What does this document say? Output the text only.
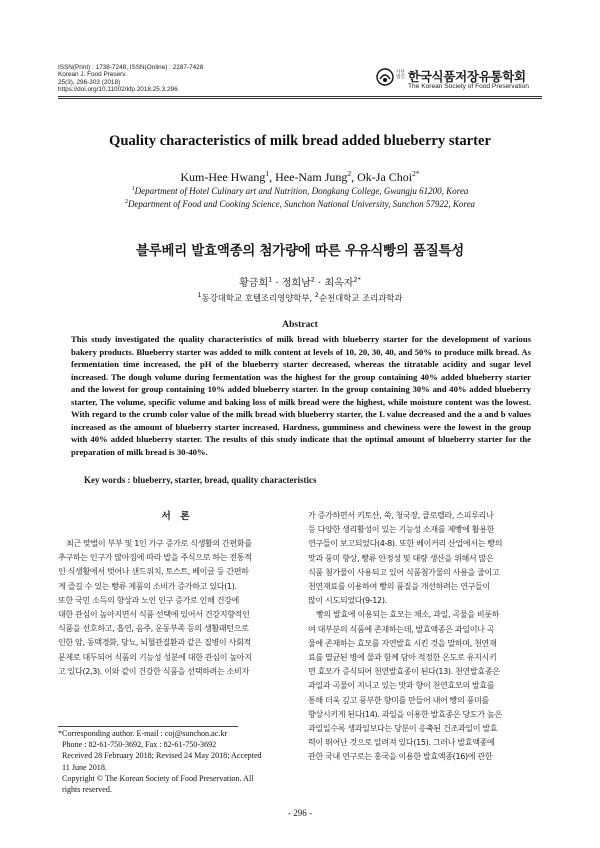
ISSN(Print) : 1738-7248, ISSN(Online) : 2287-7428
Korean J. Food Preserv.
25(3), 296-303 (2018)
https://doi.org/10.11002/kfp.2018.25.3.296
사단법인 한국식품저장유통학회
The Korean Society of Food Preservation
Quality characteristics of milk bread added blueberry starter
Kum-Hee Hwang$^1$, Hee-Nam Jung$^2$, Ok-Ja Choi$^{2*}$
$^1$Department of Hotel Culinary art and Nutrition, Dongkang College, Gwangju 61200, Korea
$^2$Department of Food and Cooking Science, Sunchon National University, Sunchon 57922, Korea
블루베리 발효액종의 첨가량에 따른 우유식빵의 품질특성
황금희$^1$ · 정희남$^2$ · 최옥자$^{2*}$
$^1$동강대학교 호텔조리영양학부, $^2$순천대학교 조리과학과
Abstract
This study investigated the quality characteristics of milk bread with blueberry starter for the development of various bakery products. Blueberry starter was added to milk content at levels of 10, 20, 30, 40, and 50% to produce milk bread. As fermentation time increased, the pH of the blueberry starter decreased, whereas the titratable acidity and sugar level increased. The dough volume during fermentation was the highest for the group containing 40% added blueberry starter and the lowest for group containing 10% added blueberry starter. In the group containing 30% and 40% added blueberry starter, The volume, specific volume and baking loss of milk bread were the highest, while moisture content was the lowest. With regard to the crumb color value of the milk bread with blueberry starter, the L value decreased and the a and b values increased as the amount of blueberry starter increased. Hardness, gumminess and chewiness were the lowest in the group with 40% added blueberry starter. The results of this study indicate that the optimal amount of blueberry starter for the preparation of milk bread is 30-40%.
Key words : blueberry, starter, bread, quality characteristics
서 론
최근 맞벌이 부부 및 1인 가구 증가로 식생활의 간편화를
추구하는 인구가 많아짐에 따라 밥을 주식으로 하는 전통적
인 식생활에서 벗어나 샌드위치, 토스트, 베이글 등 간편하
게 즐길 수 있는 빵류 제품의 소비가 증가하고 있다(1).
또한 국민 소득의 향상과 노인 인구 증가로 인해 건강에
대한 관심이 높아지면서 식품 선택에 있어서 건강지향적인
식품을 선호하고, 흡연, 음주, 운동부족 등의 생활패턴으로
인한 암, 동맥경화, 당뇨, 뇌혈관질환과 같은 질병이 사회적
문제로 대두되어 식품의 기능성 성분에 대한 관심이 높아지
고 있다(2,3). 이와 같이 건강한 식품을 선택하려는 소비자
가 증가하면서 키토산, 쑥, 청국장, 클로렐라, 스피루리나
등 다양한 생리활성이 있는 기능성 소재를 제빵에 활용한
연구들이 보고되었다(4-8). 또한 베이커리 산업에서는 빵의
맛과 풍미 향상, 빵류 안정성 및 대량 생산을 위해서 많은
식품 첨가물이 사용되고 있어 식품첨가물의 사용을 줄이고
천연재료를 이용하여 빵의 품질을 개선하려는 연구들이
많이 시도되었다(9-12).
빵의 발효에 이용되는 효모는 채소, 과일, 곡물을 비롯하
여 대부분의 식품에 존재하는데, 발효액종은 과일이나 곡
물에 존재하는 효모를 자연발효 시킨 것을 말하며, 천연재
료를 멸균된 병에 물과 함께 담아 적정한 온도로 유지시키
면 효모가 증식되어 천연발효종이 된다(13). 천연발효종은
과일과 곡물이 지니고 있는 맛과 향이 천연효모의 발효를
통해 더욱 깊고 풍부한 향미를 만들어 내어 빵의 풍미를
향상시키게 된다(14). 과일을 이용한 발효종은 당도가 높은
과일일수록 생과일보다는 당분이 응축된 건조과일이 발효
력이 뛰어난 것으로 알려져 있다(15). 그러나 발효액종에
관한 국내 연구로는 홍국을 이용한 발효액종(16)에 관한
*Corresponding author. E-mail : coj@sunchon.ac.kr
Phone : 82-61-750-3692, Fax : 82-61-750-3692
Received 28 February 2018; Revised 24 May 2018; Accepted
11 June 2018.
Copyright © The Korean Society of Food Preservation. All
rights reserved.
- 296 -
